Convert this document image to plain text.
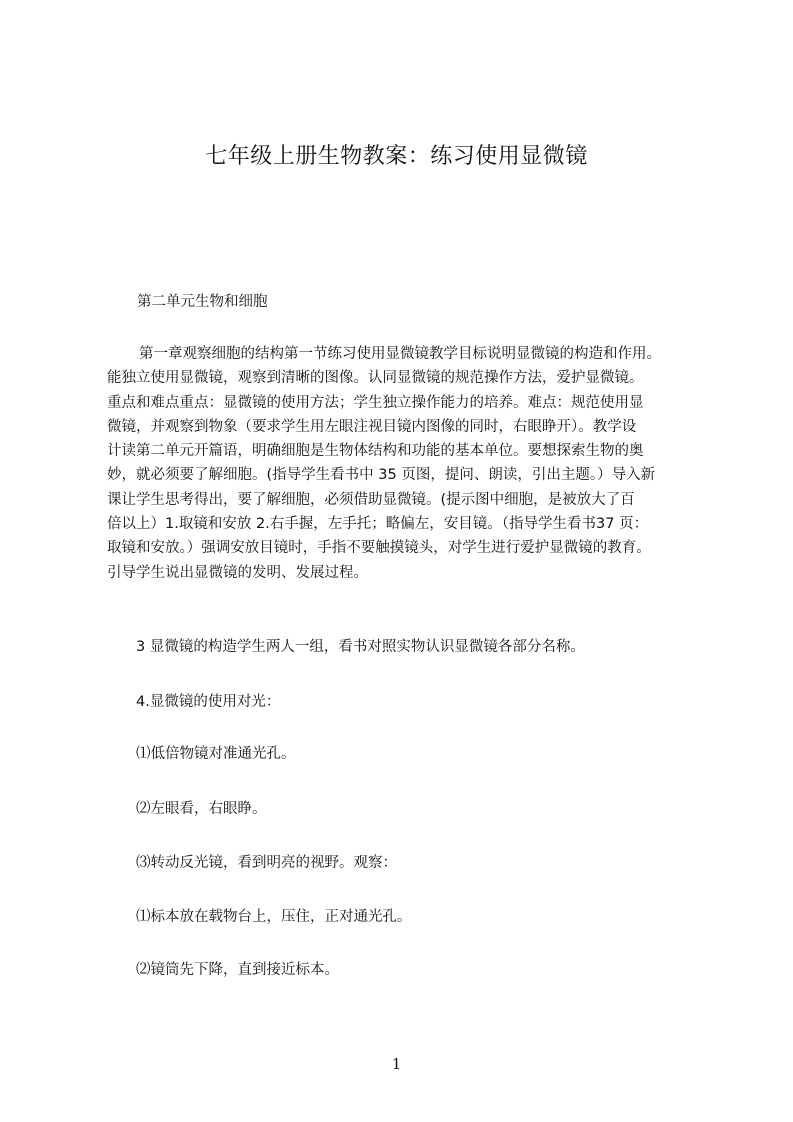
七年级上册生物教案：练习使用显微镜

第二单元生物和细胞

第一章观察细胞的结构第一节练习使用显微镜教学目标说明显微镜的构造和作用。
能独立使用显微镜，观察到清晰的图像。认同显微镜的规范操作方法，爱护显微镜。
重点和难点重点：显微镜的使用方法；学生独立操作能力的培养。难点：规范使用显
微镜，并观察到物象（要求学生用左眼注视目镜内图像的同时，右眼睁开）。教学设
计读第二单元开篇语，明确细胞是生物体结构和功能的基本单位。要想探索生物的奥
妙，就必须要了解细胞。(指导学生看书中 35 页图，提问、朗读，引出主题。）导入新
课让学生思考得出，要了解细胞，必须借助显微镜。(提示图中细胞，是被放大了百
倍以上）1.取镜和安放 2.右手握，左手托；略偏左，安目镜。（指导学生看书37 页：
取镜和安放。）强调安放目镜时，手指不要触摸镜头，对学生进行爱护显微镜的教育。
引导学生说出显微镜的发明、发展过程。

3 显微镜的构造学生两人一组，看书对照实物认识显微镜各部分名称。

4.显微镜的使用对光：

⑴低倍物镜对准通光孔。

⑵左眼看，右眼睁。

⑶转动反光镜，看到明亮的视野。观察：

⑴标本放在载物台上，压住，正对通光孔。

⑵镜筒先下降，直到接近标本。

1
